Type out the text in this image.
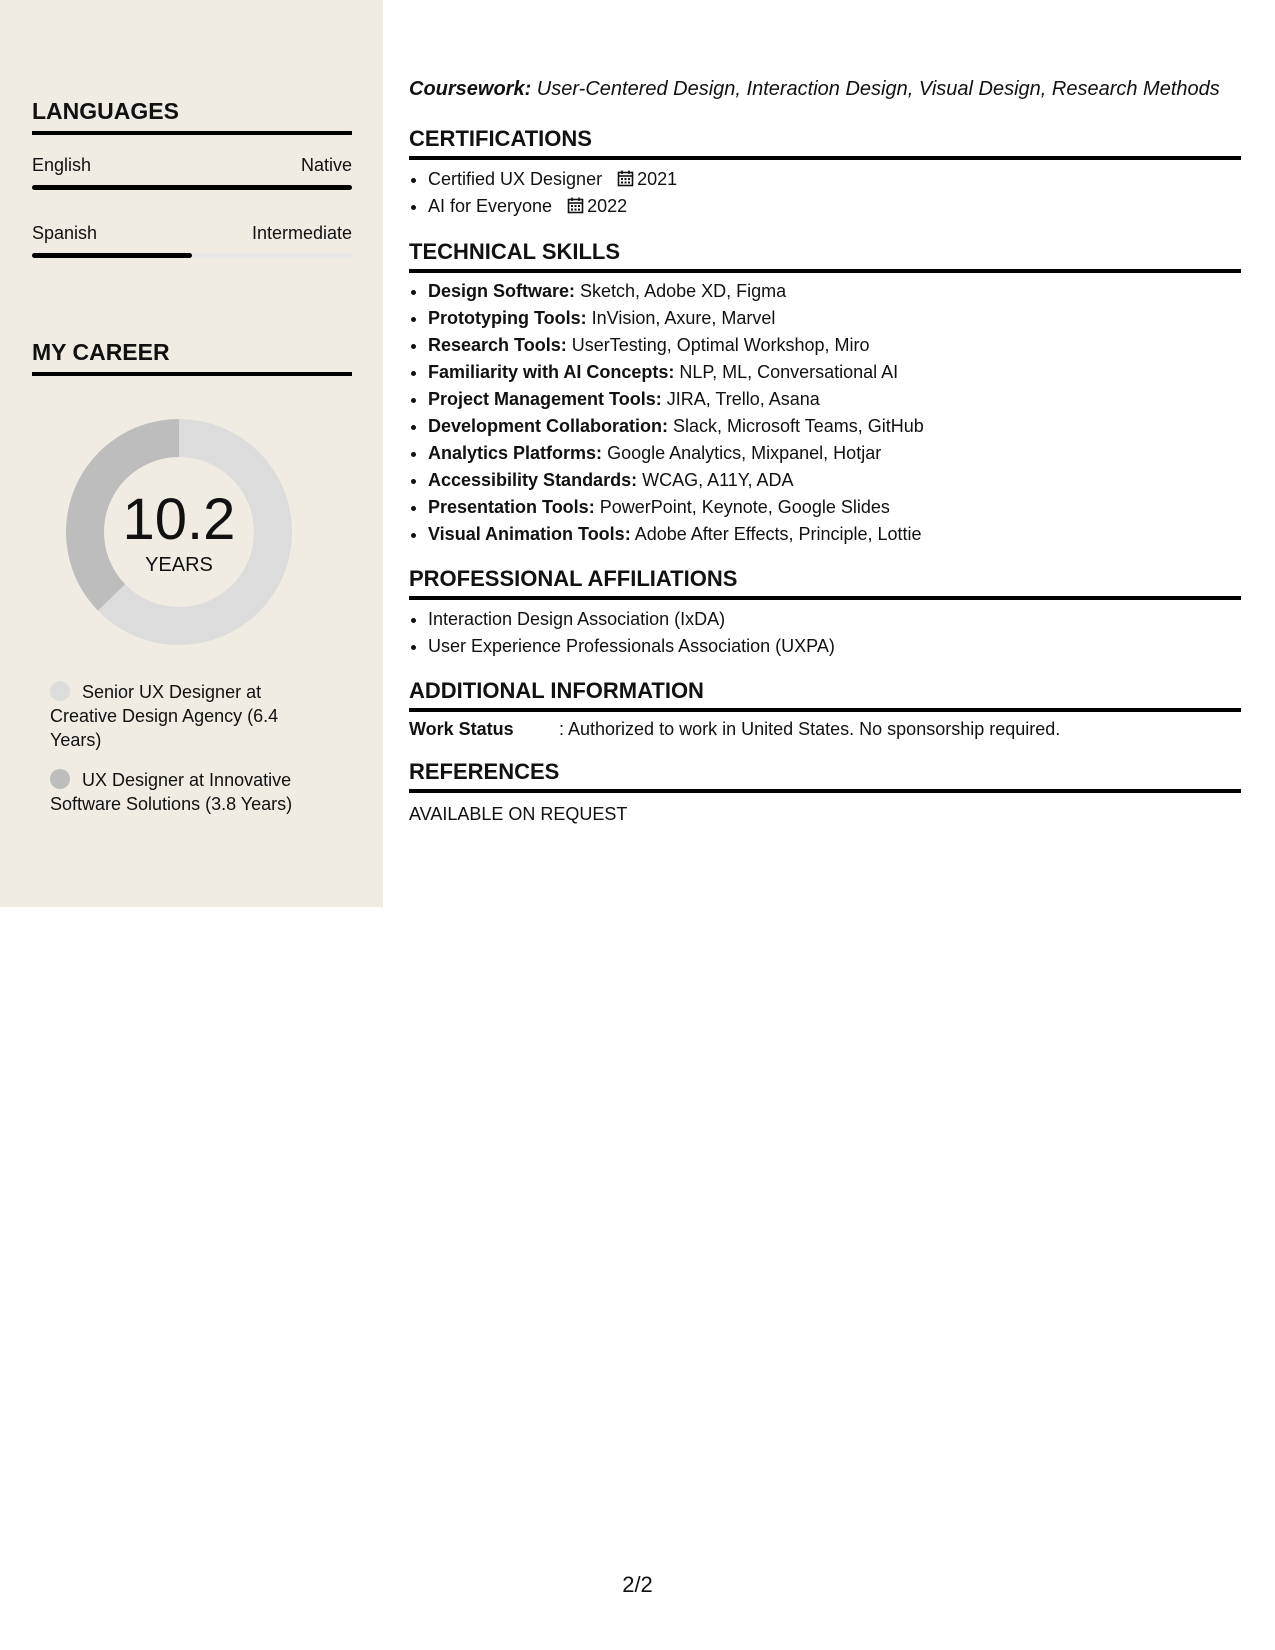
LANGUAGES
English	Native
Spanish	Intermediate
MY CAREER
10.2
YEARS
Senior UX Designer at Creative Design Agency (6.4 Years)
UX Designer at Innovative Software Solutions (3.8 Years)
Coursework: User-Centered Design, Interaction Design, Visual Design, Research Methods
CERTIFICATIONS
• Certified UX Designer 2021
• AI for Everyone 2022
TECHNICAL SKILLS
• Design Software: Sketch, Adobe XD, Figma
• Prototyping Tools: InVision, Axure, Marvel
• Research Tools: UserTesting, Optimal Workshop, Miro
• Familiarity with AI Concepts: NLP, ML, Conversational AI
• Project Management Tools: JIRA, Trello, Asana
• Development Collaboration: Slack, Microsoft Teams, GitHub
• Analytics Platforms: Google Analytics, Mixpanel, Hotjar
• Accessibility Standards: WCAG, A11Y, ADA
• Presentation Tools: PowerPoint, Keynote, Google Slides
• Visual Animation Tools: Adobe After Effects, Principle, Lottie
PROFESSIONAL AFFILIATIONS
• Interaction Design Association (IxDA)
• User Experience Professionals Association (UXPA)
ADDITIONAL INFORMATION
Work Status	: Authorized to work in United States. No sponsorship required.
REFERENCES
AVAILABLE ON REQUEST
2/2
